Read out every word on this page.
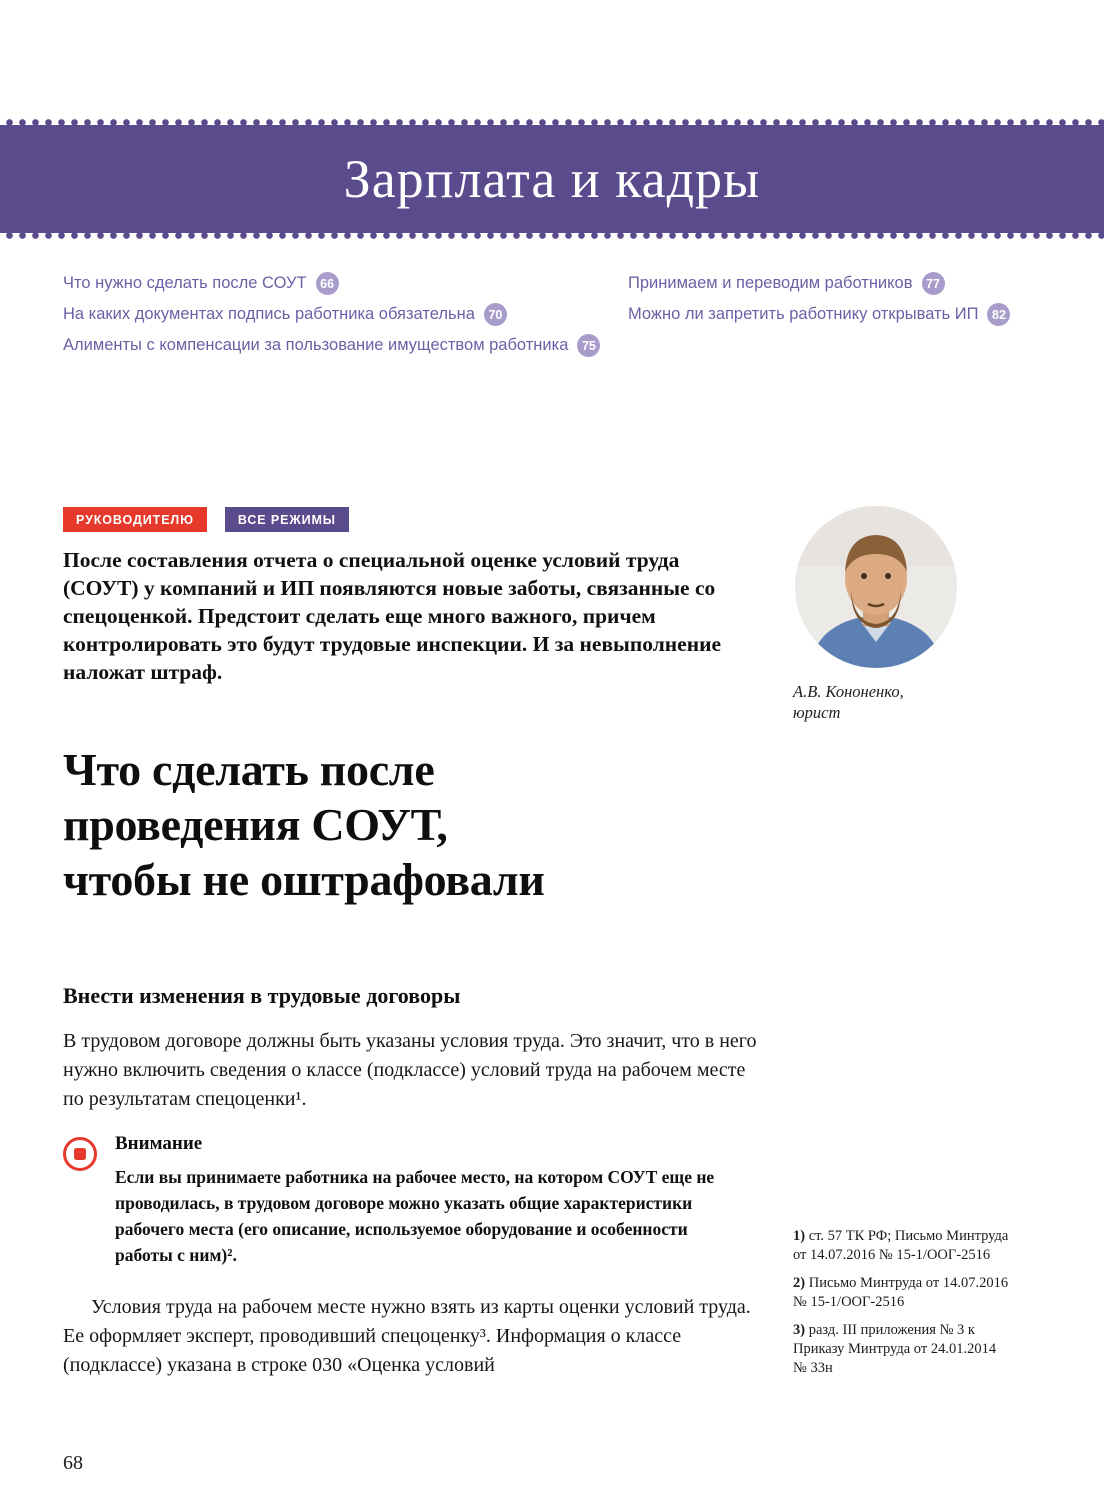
Зарплата и кадры
Что нужно сделать после СОУТ	66
На каких документах подпись работника обязательна	70
Алименты с компенсации за пользование имуществом работника	75
Принимаем и переводим работников	77
Можно ли запретить работнику открывать ИП	82
РУКОВОДИТЕЛЮ	ВСЕ РЕЖИМЫ

После составления отчета о специальной оценке условий труда (СОУТ) у компаний и ИП появляются новые заботы, связанные со спецоценкой. Предстоит сделать еще много важного, причем контролировать это будут трудовые инспекции. И за невыполнение наложат штраф.

А.В. Кононенко,
юрист
Что сделать после
проведения СОУТ,
чтобы не оштрафовали
Внести изменения в трудовые договоры

В трудовом договоре должны быть указаны условия труда. Это значит, что в него нужно включить сведения о классе (подклассе) условий труда на рабочем месте по результатам спецоценки¹.

Внимание
Если вы принимаете работника на рабочее место, на котором СОУТ еще не проводилась, в трудовом договоре можно указать общие характеристики рабочего места (его описание, используемое оборудование и особенности работы с ним)².

Условия труда на рабочем месте нужно взять из карты оценки условий труда. Ее оформляет эксперт, проводивший спецоценку³. Информация о классе (подклассе) указана в строке 030 «Оценка условий

1) ст. 57 ТК РФ; Письмо Минтруда от 14.07.2016 № 15-1/ООГ-2516
2) Письмо Минтруда от 14.07.2016 № 15-1/ООГ-2516
3) разд. III приложения № 3 к Приказу Минтруда от 24.01.2014 № 33н
68
